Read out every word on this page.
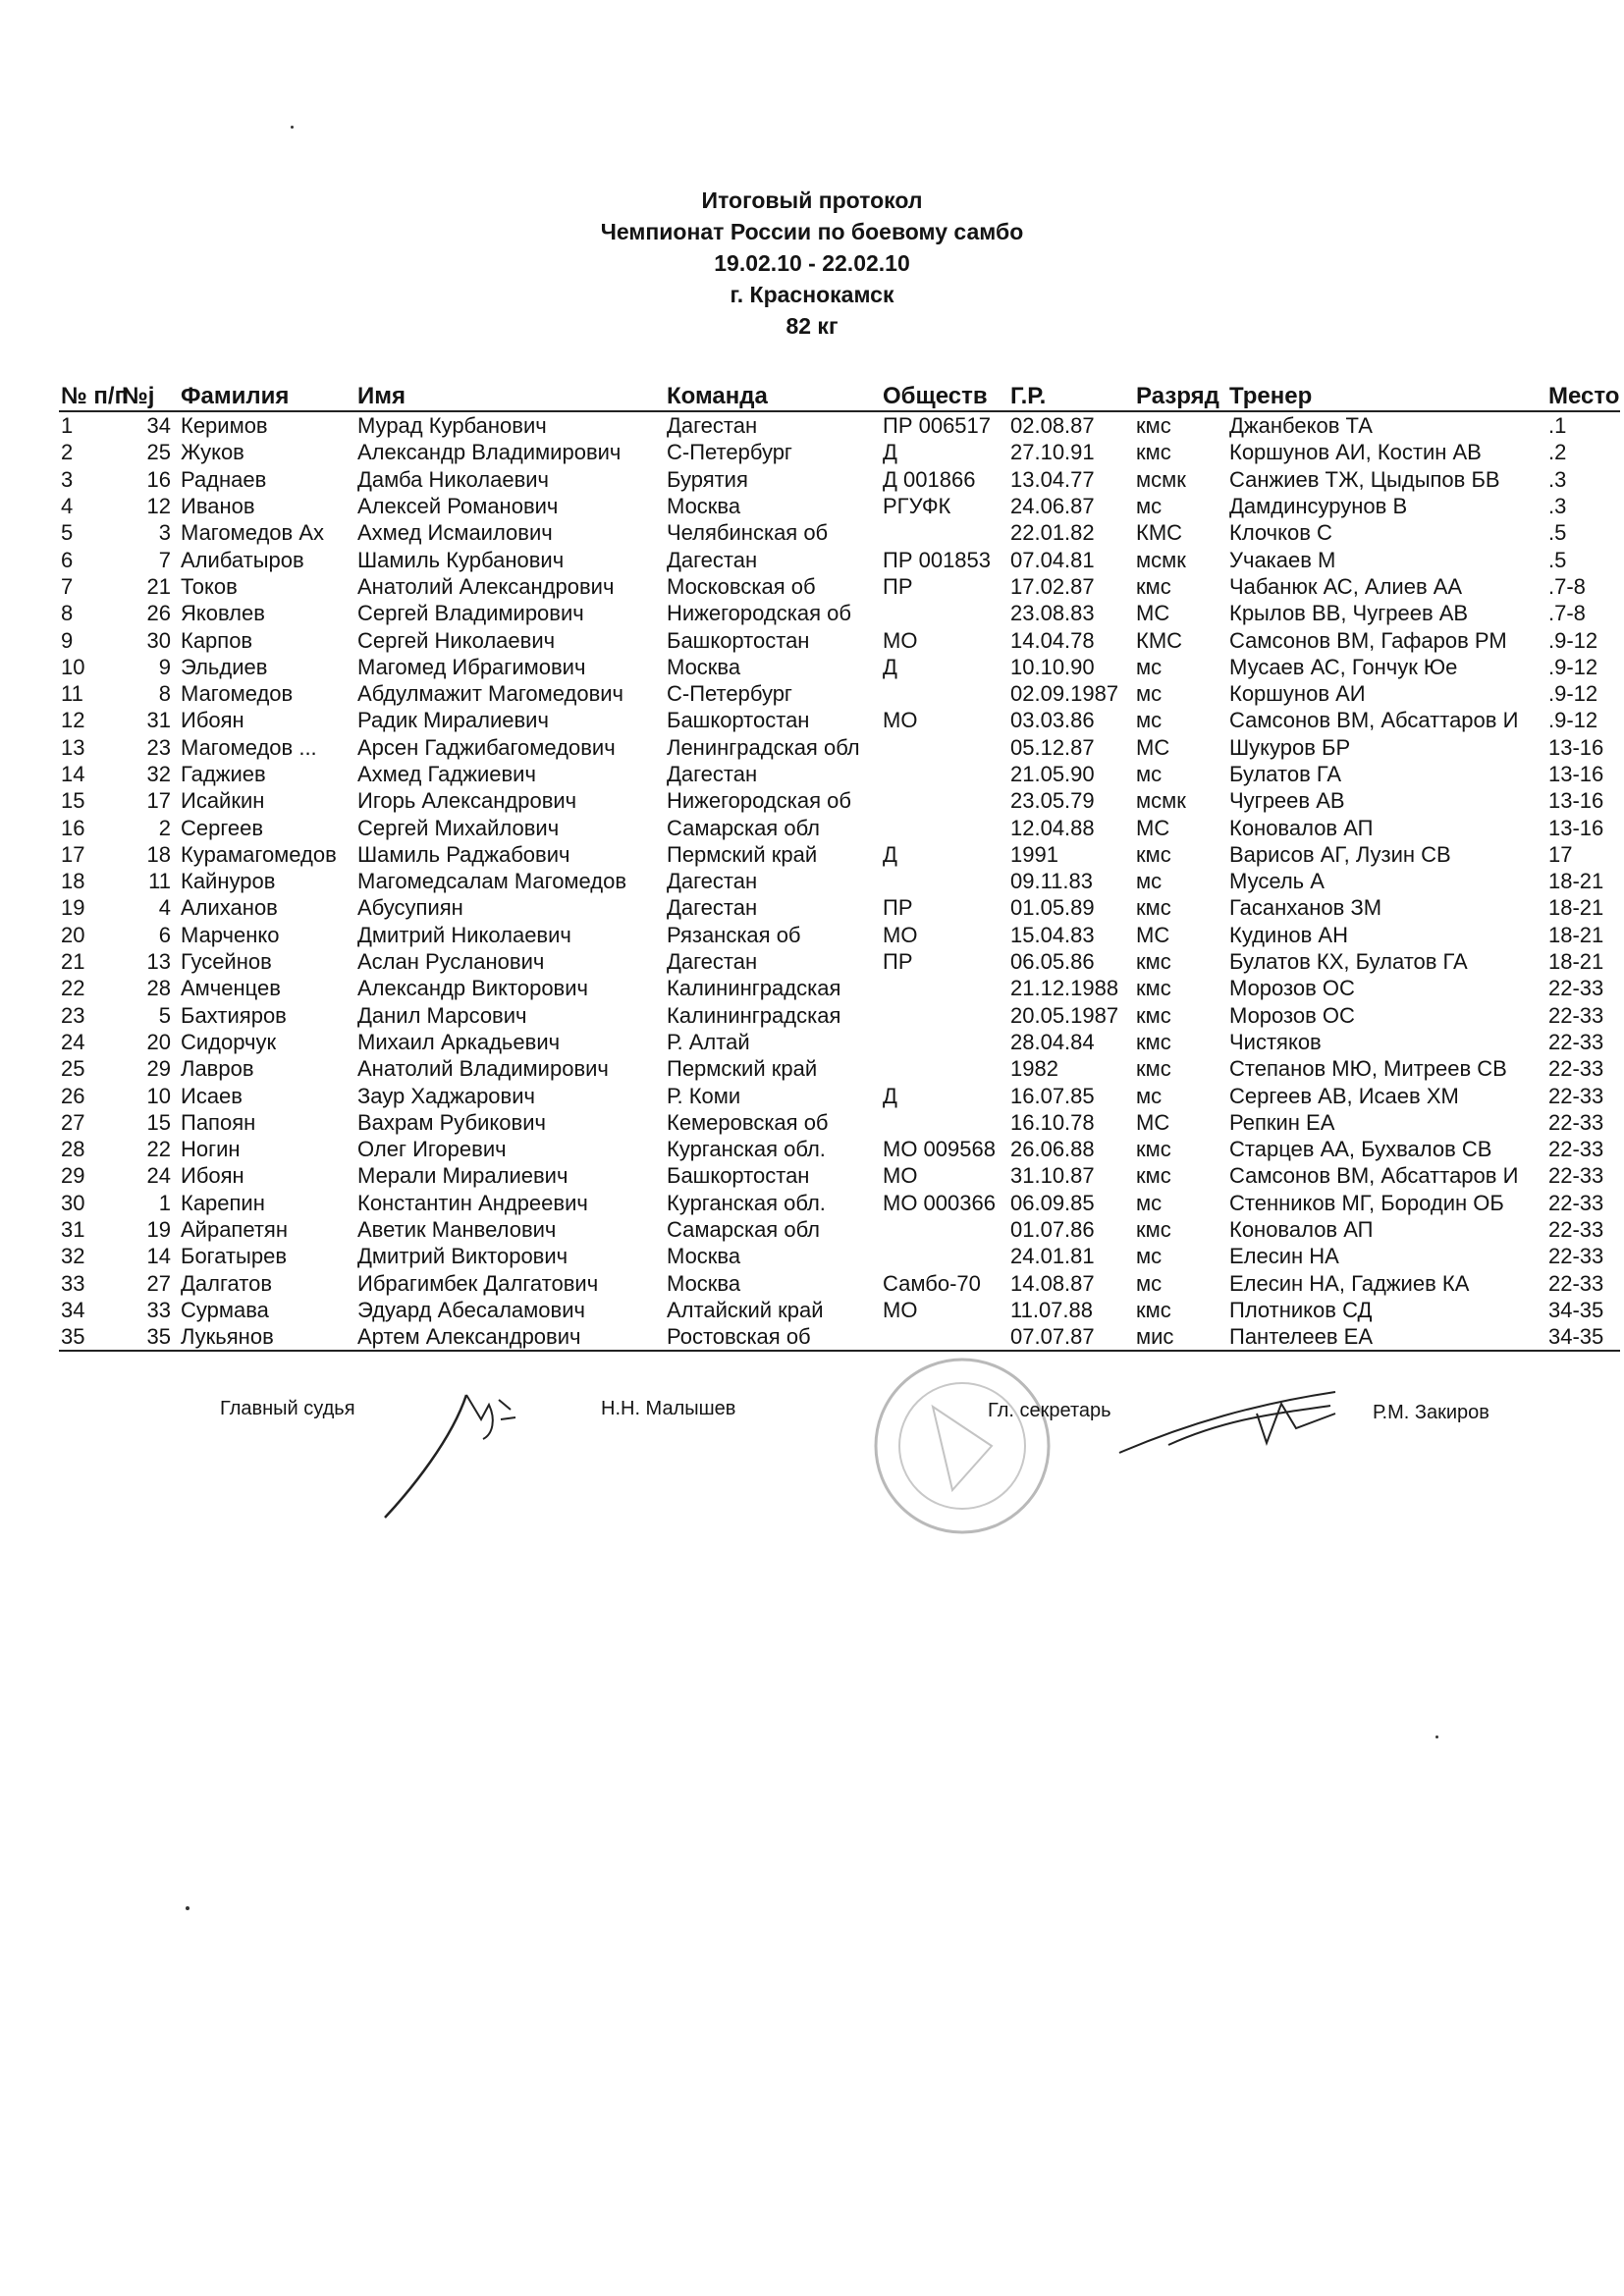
Итоговый протокол

Чемпионат России по боевому самбо

19.02.10 - 22.02.10

г. Краснокамск

82 кг

№ п/п	№j	Фамилия	Имя	Команда	Обществ	Г.Р.	Разряд	Тренер	Место
1	34	Керимов	Мурад Курбанович	Дагестан	ПР 006517	02.08.87	кмс	Джанбеков ТА	.1
2	25	Жуков	Александр Владимирович	С-Петербург	Д	27.10.91	кмс	Коршунов АИ, Костин АВ	.2
3	16	Раднаев	Дамба Николаевич	Бурятия	Д 001866	13.04.77	мсмк	Санжиев ТЖ, Цыдыпов БВ	.3
4	12	Иванов	Алексей Романович	Москва	РГУФК	24.06.87	мс	Дамдинсурунов В	.3
5	3	Магомедов Ах	Ахмед Исмаилович	Челябинская об		22.01.82	КМС	Клочков С	.5
6	7	Алибатыров	Шамиль Курбанович	Дагестан	ПР 001853	07.04.81	мсмк	Учакаев М	.5
7	21	Токов	Анатолий Александрович	Московская об	ПР	17.02.87	кмс	Чабанюк АС, Алиев АА	.7-8
8	26	Яковлев	Сергей Владимирович	Нижегородская об		23.08.83	МС	Крылов ВВ, Чугреев АВ	.7-8
9	30	Карпов	Сергей Николаевич	Башкортостан	МО	14.04.78	КМС	Самсонов ВМ, Гафаров РМ	.9-12
10	9	Эльдиев	Магомед Ибрагимович	Москва	Д	10.10.90	мс	Мусаев АС, Гончук Юе	.9-12
11	8	Магомедов	Абдулмажит Магомедович	С-Петербург		02.09.1987	мс	Коршунов АИ	.9-12
12	31	Ибоян	Радик Миралиевич	Башкортостан	МО	03.03.86	мс	Самсонов ВМ, Абсаттаров И	.9-12
13	23	Магомедов ...	Арсен Гаджибагомедович	Ленинградская обл		05.12.87	МС	Шукуров БР	13-16
14	32	Гаджиев	Ахмед Гаджиевич	Дагестан		21.05.90	мс	Булатов ГА	13-16
15	17	Исайкин	Игорь Александрович	Нижегородская об		23.05.79	мсмк	Чугреев АВ	13-16
16	2	Сергеев	Сергей Михайлович	Самарская обл		12.04.88	МС	Коновалов АП	13-16
17	18	Курамагомедов	Шамиль Раджабович	Пермский край	Д	1991	кмс	Варисов АГ, Лузин СВ	17
18	11	Кайнуров	Магомедсалам Магомедов	Дагестан		09.11.83	мс	Мусель А	18-21
19	4	Алиханов	Абусупиян	Дагестан	ПР	01.05.89	кмс	Гасанханов ЗМ	18-21
20	6	Марченко	Дмитрий Николаевич	Рязанская об	МО	15.04.83	МС	Кудинов АН	18-21
21	13	Гусейнов	Аслан Русланович	Дагестан	ПР	06.05.86	кмс	Булатов КХ, Булатов ГА	18-21
22	28	Амченцев	Александр Викторович	Калининградская		21.12.1988	кмс	Морозов ОС	22-33
23	5	Бахтияров	Данил Марсович	Калининградская		20.05.1987	кмс	Морозов ОС	22-33
24	20	Сидорчук	Михаил Аркадьевич	Р. Алтай		28.04.84	кмс	Чистяков	22-33
25	29	Лавров	Анатолий Владимирович	Пермский край		1982	кмс	Степанов МЮ, Митреев СВ	22-33
26	10	Исаев	Заур Хаджарович	Р. Коми	Д	16.07.85	мс	Сергеев АВ, Исаев ХМ	22-33
27	15	Папоян	Вахрам Рубикович	Кемеровская об		16.10.78	МС	Репкин ЕА	22-33
28	22	Ногин	Олег Игоревич	Курганская обл.	МО 009568	26.06.88	кмс	Старцев АА, Бухвалов СВ	22-33
29	24	Ибоян	Мерали Миралиевич	Башкортостан	МО	31.10.87	кмс	Самсонов ВМ, Абсаттаров И	22-33
30	1	Карепин	Константин Андреевич	Курганская обл.	МО 000366	06.09.85	мс	Стенников МГ, Бородин ОБ	22-33
31	19	Айрапетян	Аветик Манвелович	Самарская обл		01.07.86	кмс	Коновалов АП	22-33
32	14	Богатырев	Дмитрий Викторович	Москва		24.01.81	мс	Елесин НА	22-33
33	27	Далгатов	Ибрагимбек Далгатович	Москва	Самбо-70	14.08.87	мс	Елесин НА, Гаджиев КА	22-33
34	33	Сурмава	Эдуард Абесаламович	Алтайский край	МО	11.07.88	кмс	Плотников СД	34-35
35	35	Лукьянов	Артем Александрович	Ростовская об		07.07.87	мис	Пантелеев ЕА	34-35
Главный судья	Н.Н. Малышев	Гл. секретарь	Р.М. Закиров
